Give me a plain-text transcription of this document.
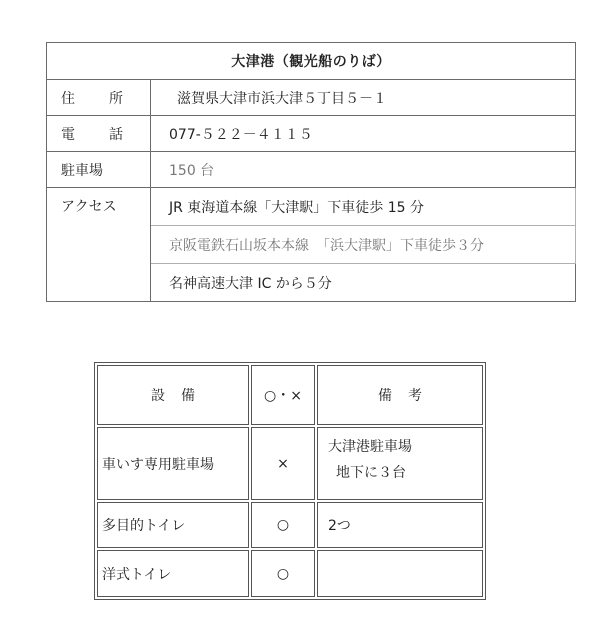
大津港（観光船のりば）	
住 所	滋賀県大津市浜大津５丁目５－１
電 話	077-５２２－４１１５
駐車場	150 台
アクセス	JR 東海道本線「大津駅」下車徒歩 15 分
	京阪電鉄石山坂本本線　「浜大津駅」下車徒歩３分
	名神高速大津 IC から５分
設備	○・×	備考
車いす専用駐車場	×	大津港駐車場
地下に３台

多目的トイレ	○	2つ
洋式トイレ	○	
